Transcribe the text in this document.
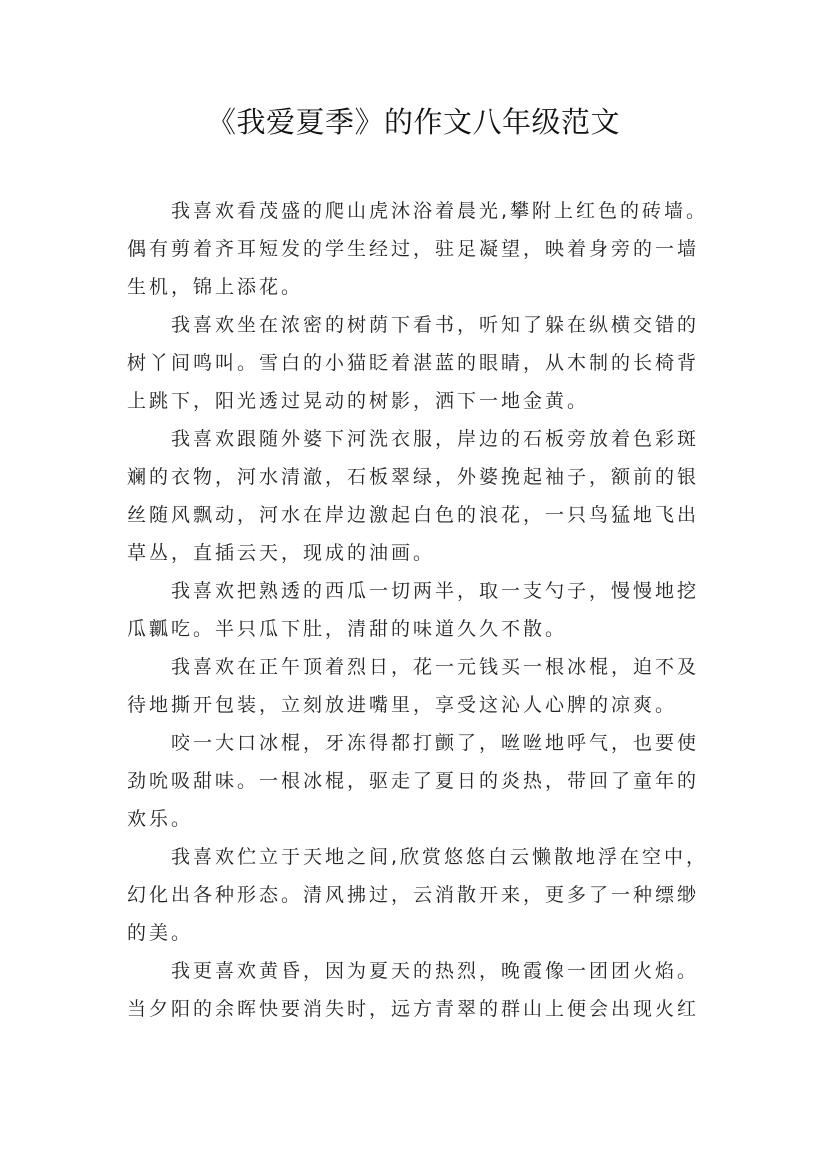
《我爱夏季》的作文八年级范文

我喜欢看茂盛的爬山虎沐浴着晨光,攀附上红色的砖墙。
偶有剪着齐耳短发的学生经过，驻足凝望，映着身旁的一墙
生机，锦上添花。

我喜欢坐在浓密的树荫下看书，听知了躲在纵横交错的
树丫间鸣叫。雪白的小猫眨着湛蓝的眼睛，从木制的长椅背
上跳下，阳光透过晃动的树影，洒下一地金黄。

我喜欢跟随外婆下河洗衣服，岸边的石板旁放着色彩斑
斓的衣物，河水清澈，石板翠绿，外婆挽起袖子，额前的银
丝随风飘动，河水在岸边激起白色的浪花，一只鸟猛地飞出
草丛，直插云天，现成的油画。

我喜欢把熟透的西瓜一切两半，取一支勺子，慢慢地挖
瓜瓤吃。半只瓜下肚，清甜的味道久久不散。

我喜欢在正午顶着烈日，花一元钱买一根冰棍，迫不及
待地撕开包装，立刻放进嘴里，享受这沁人心脾的凉爽。

咬一大口冰棍，牙冻得都打颤了，咝咝地呼气，也要使
劲吮吸甜味。一根冰棍，驱走了夏日的炎热，带回了童年的
欢乐。

我喜欢伫立于天地之间,欣赏悠悠白云懒散地浮在空中，
幻化出各种形态。清风拂过，云消散开来，更多了一种缥缈
的美。

我更喜欢黄昏，因为夏天的热烈，晚霞像一团团火焰。
当夕阳的余晖快要消失时，远方青翠的群山上便会出现火红
